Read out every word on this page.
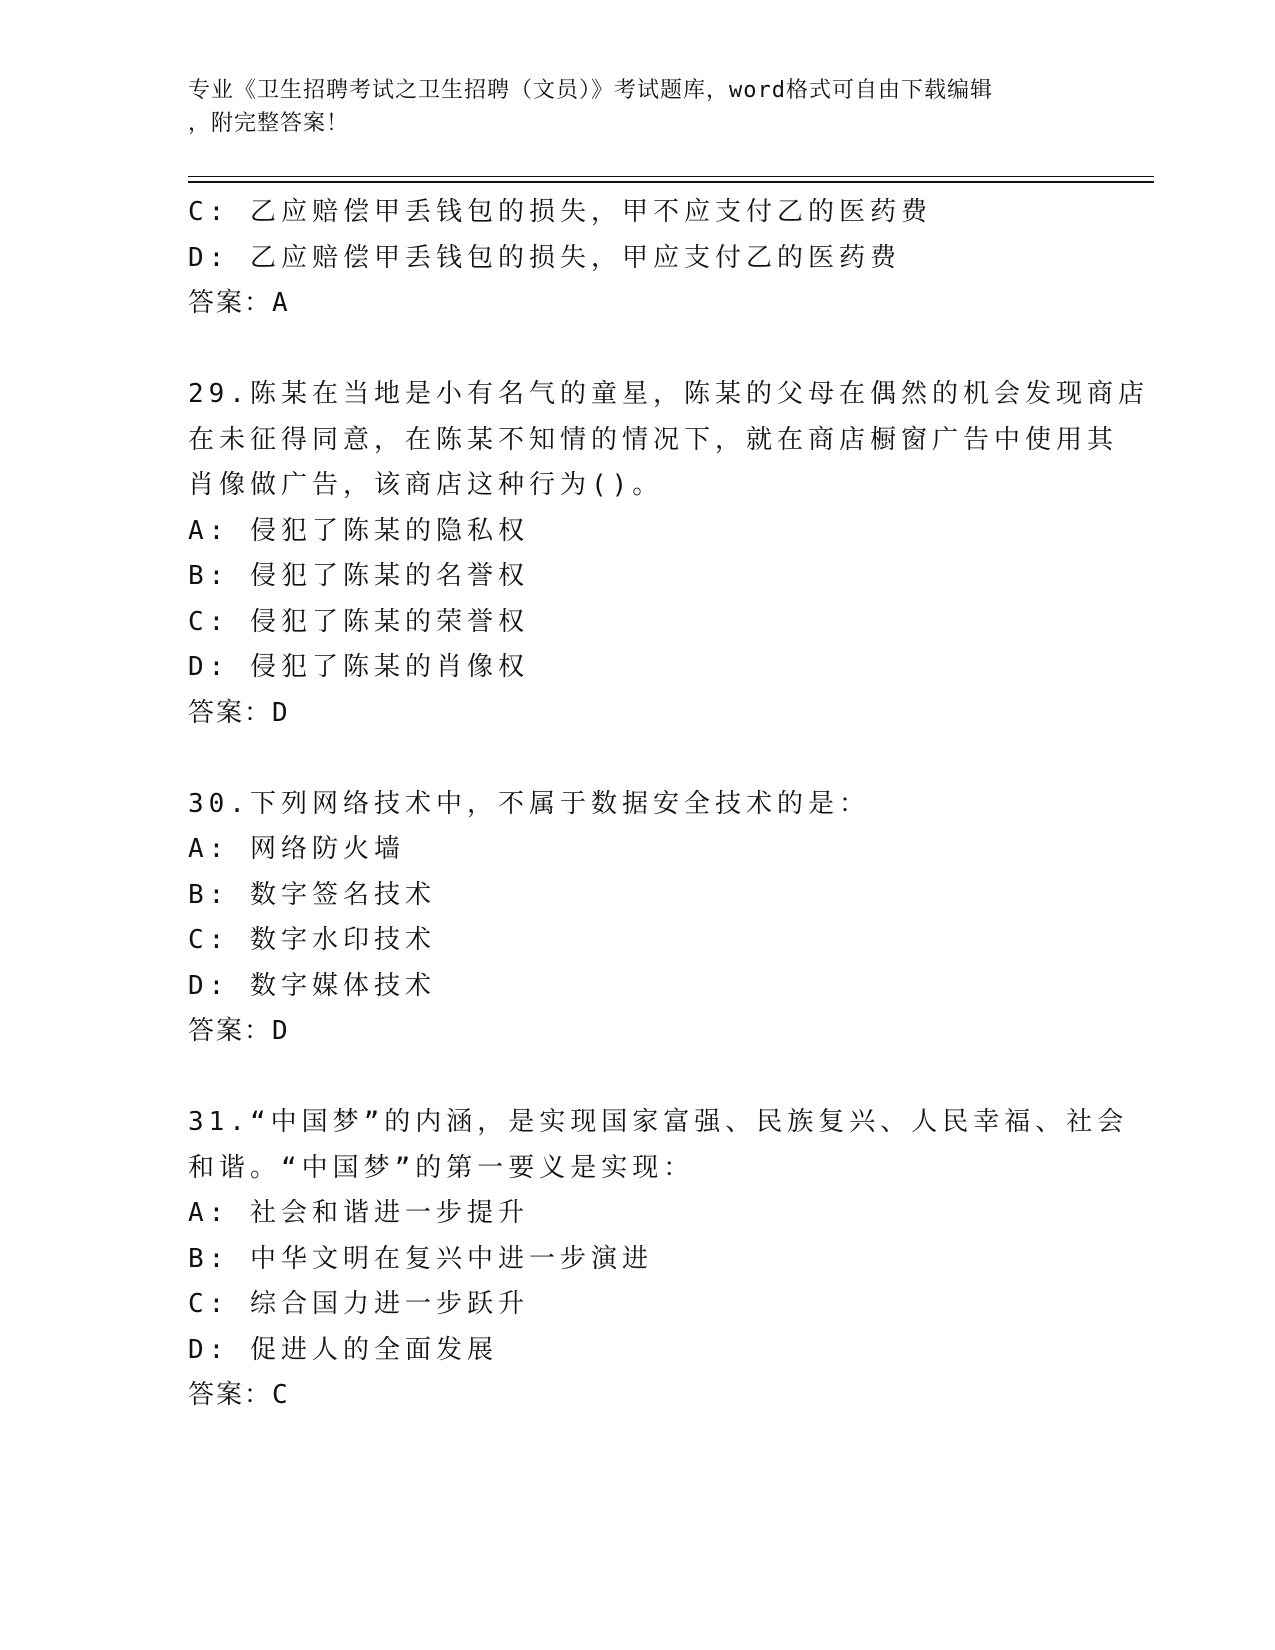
专业《卫生招聘考试之卫生招聘（文员）》考试题库，word格式可自由下载编辑
，附完整答案！
C: 乙应赔偿甲丢钱包的损失，甲不应支付乙的医药费
D: 乙应赔偿甲丢钱包的损失，甲应支付乙的医药费
答案：A
29.陈某在当地是小有名气的童星，陈某的父母在偶然的机会发现商店
在未征得同意，在陈某不知情的情况下，就在商店橱窗广告中使用其
肖像做广告，该商店这种行为()。
A: 侵犯了陈某的隐私权
B: 侵犯了陈某的名誉权
C: 侵犯了陈某的荣誉权
D: 侵犯了陈某的肖像权
答案：D
30.下列网络技术中，不属于数据安全技术的是：
A: 网络防火墙
B: 数字签名技术
C: 数字水印技术
D: 数字媒体技术
答案：D
31.“中国梦”的内涵，是实现国家富强、民族复兴、人民幸福、社会
和谐。“中国梦”的第一要义是实现：
A: 社会和谐进一步提升
B: 中华文明在复兴中进一步演进
C: 综合国力进一步跃升
D: 促进人的全面发展
答案：C
